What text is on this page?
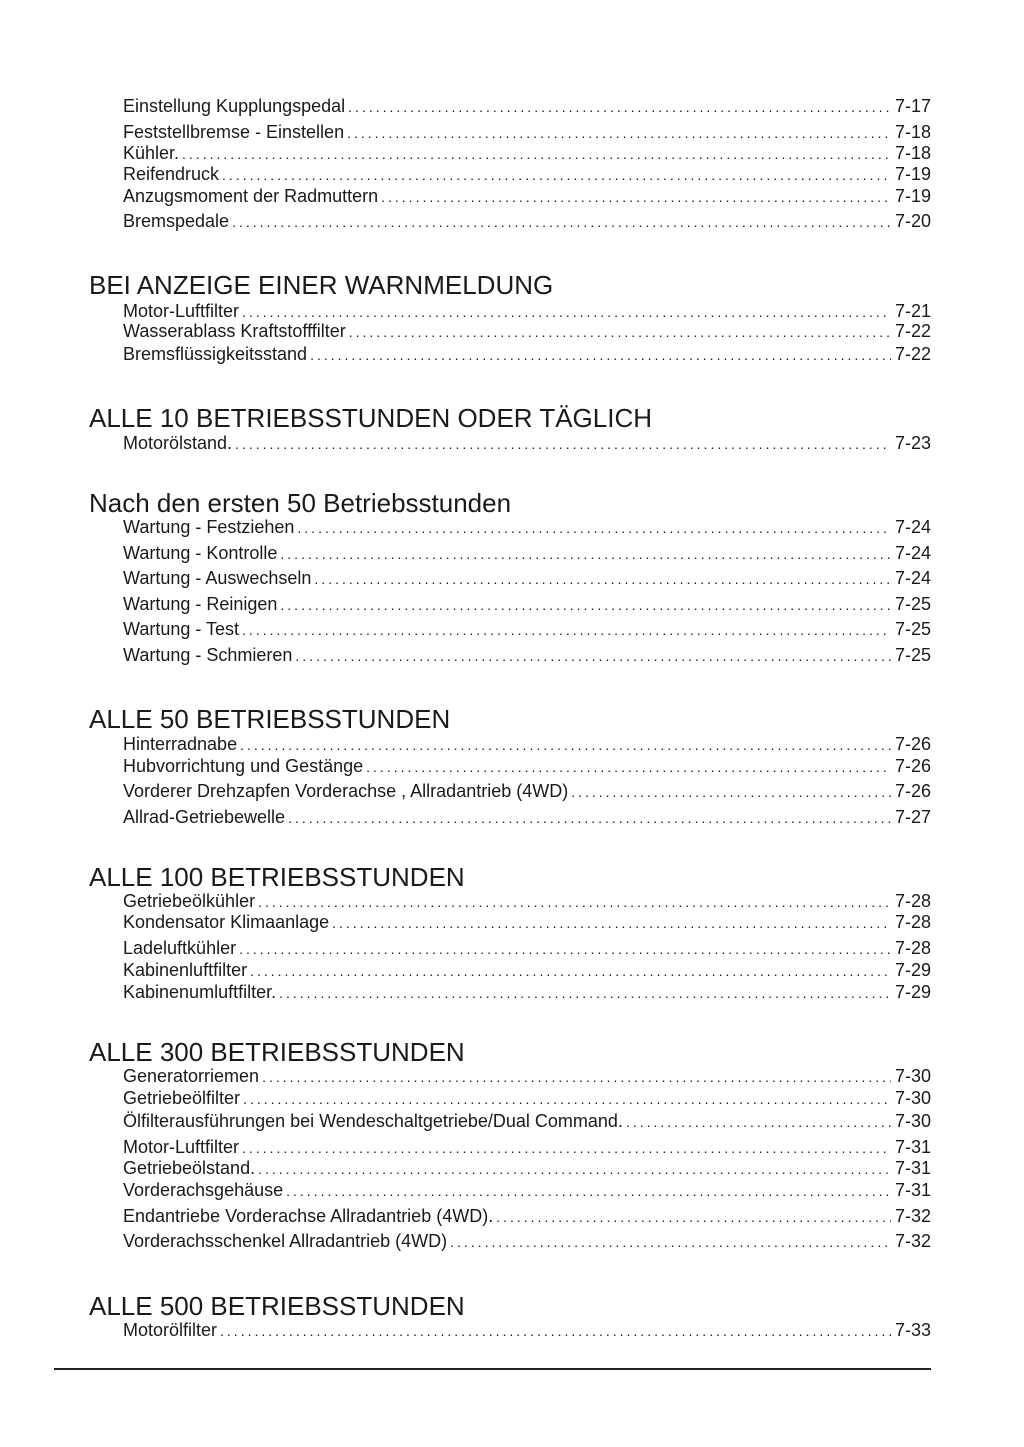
Einstellung Kupplungspedal .....	7-17
Feststellbremse - Einstellen .....	7-18
Kühler. .....	7-18
Reifendruck .....	7-19
Anzugsmoment der Radmuttern .....	7-19
Bremspedale .....	7-20
BEI ANZEIGE EINER WARNMELDUNG
Motor-Luftfilter .....	7-21
Wasserablass Kraftstofffilter .....	7-22
Bremsflüssigkeitsstand .....	7-22
ALLE 10 BETRIEBSSTUNDEN ODER TÄGLICH
Motorölstand. .....	7-23
Nach den ersten 50 Betriebsstunden
Wartung - Festziehen .....	7-24
Wartung - Kontrolle .....	7-24
Wartung - Auswechseln .....	7-24
Wartung - Reinigen .....	7-25
Wartung - Test .....	7-25
Wartung - Schmieren .....	7-25
ALLE 50 BETRIEBSSTUNDEN
Hinterradnabe .....	7-26
Hubvorrichtung und Gestänge .....	7-26
Vorderer Drehzapfen Vorderachse , Allradantrieb (4WD) .....	7-26
Allrad-Getriebewelle .....	7-27
ALLE 100 BETRIEBSSTUNDEN
Getriebeölkühler .....	7-28
Kondensator Klimaanlage .....	7-28
Ladeluftkühler .....	7-28
Kabinenluftfilter .....	7-29
Kabinenumluftfilter. .....	7-29
ALLE 300 BETRIEBSSTUNDEN
Generatorriemen .....	7-30
Getriebeölfilter .....	7-30
Ölfilterausführungen bei Wendeschaltgetriebe/Dual Command. .....	7-30
Motor-Luftfilter .....	7-31
Getriebeölstand. .....	7-31
Vorderachsgehäuse .....	7-31
Endantriebe Vorderachse Allradantrieb (4WD). .....	7-32
Vorderachsschenkel Allradantrieb (4WD) .....	7-32
ALLE 500 BETRIEBSSTUNDEN
Motorölfilter .....	7-33
